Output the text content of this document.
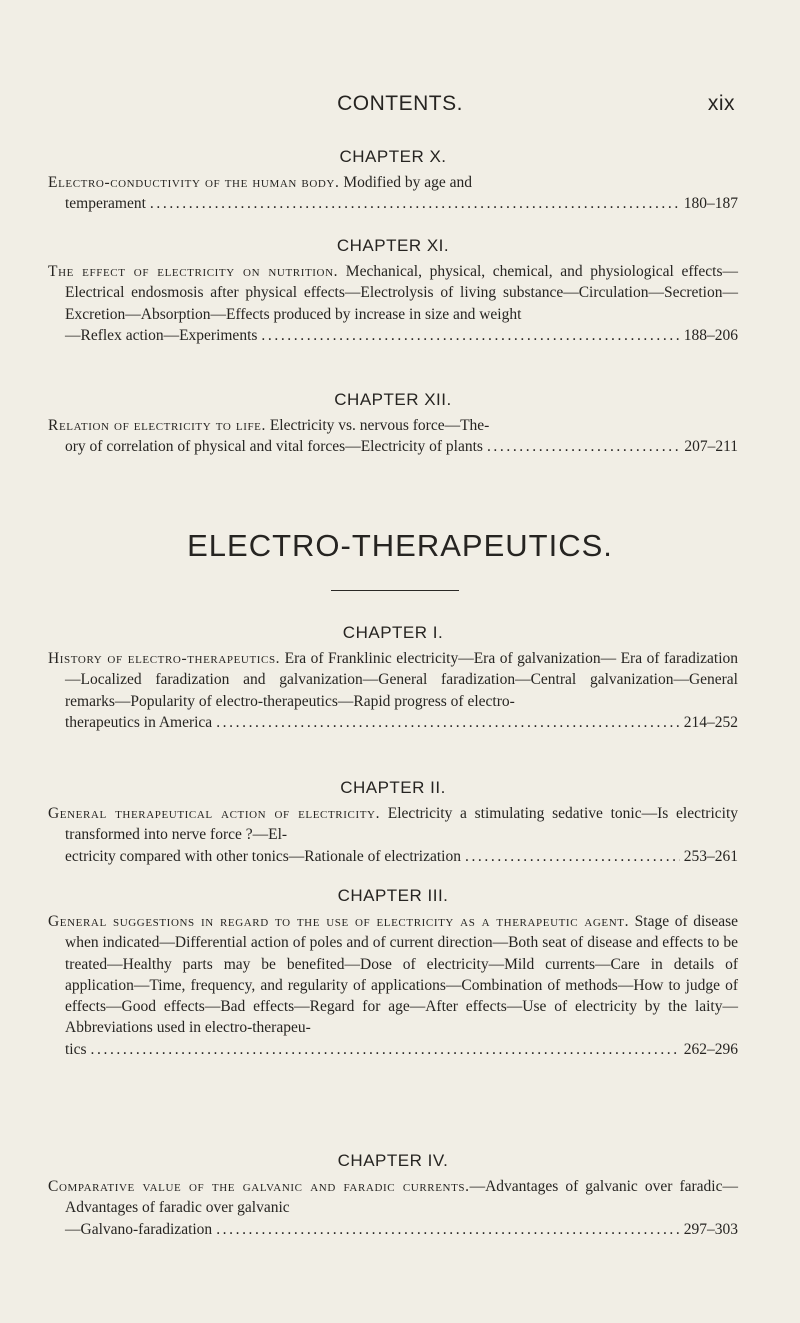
CONTENTS.	xix
CHAPTER X.
Electro-conductivity of the human body. Modified by age and
temperament .....	180–187
CHAPTER XI.
The effect of electricity on nutrition. Mechanical, physical, chemical, and physiological effects—Electrical endosmosis after physical effects—Electrolysis of living substance—Circulation—Secretion—Excretion—Absorption—Effects produced by increase in size and weight
—Reflex action—Experiments .....	188–206
CHAPTER XII.
Relation of electricity to life. Electricity vs. nervous force—The-
ory of correlation of physical and vital forces—Electricity of plants .....	207–211
ELECTRO-THERAPEUTICS.
CHAPTER I.
History of electro-therapeutics. Era of Franklinic electricity—Era of galvanization— Era of faradization—Localized faradization and galvanization—General faradization—Central galvanization—General remarks—Popularity of electro-therapeutics—Rapid progress of electro-
therapeutics in America .....	214–252
CHAPTER II.
General therapeutical action of electricity. Electricity a stimulating sedative tonic—Is electricity transformed into nerve force ?—El-
ectricity compared with other tonics—Rationale of electrization .....	253–261
CHAPTER III.
General suggestions in regard to the use of electricity as a therapeutic agent. Stage of disease when indicated—Differential action of poles and of current direction—Both seat of disease and effects to be treated—Healthy parts may be benefited—Dose of electricity—Mild currents—Care in details of application—Time, frequency, and regularity of applications—Combination of methods—How to judge of effects—Good effects—Bad effects—Regard for age—After effects—Use of electricity by the laity—Abbreviations used in electro-therapeu-
tics .....	262–296
CHAPTER IV.
Comparative value of the galvanic and faradic currents.—Advantages of galvanic over faradic—Advantages of faradic over galvanic
—Galvano-faradization .....	297–303
